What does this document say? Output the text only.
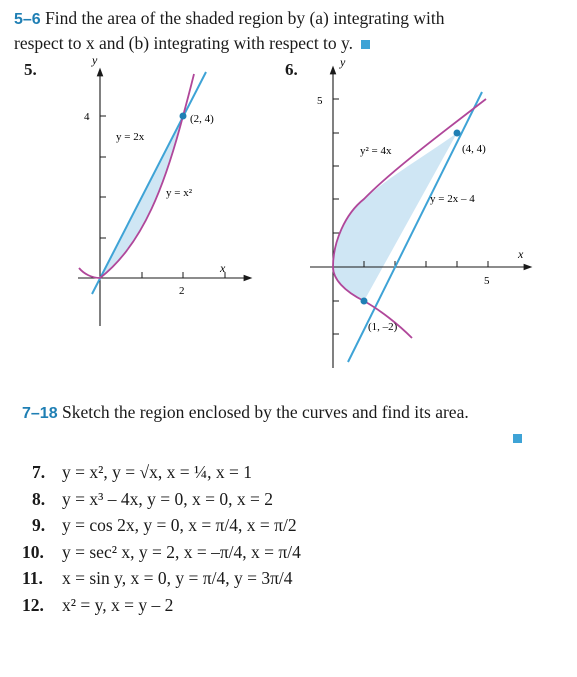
5–6 Find the area of the shaded region by (a) integrating with
respect to x and (b) integrating with respect to y.
5.	6.
y
x
4
2
y = 2x
y = x²
(2, 4)
y
x
5
5
y² = 4x	(4, 4)
y = 2x – 4
(1, –2)
7–18 Sketch the region enclosed by the curves and find its area.
7. y = x², y = √x, x = ¼, x = 1
8. y = x³ – 4x, y = 0, x = 0, x = 2
9. y = cos 2x, y = 0, x = π/4, x = π/2
10. y = sec² x, y = 2, x = –π/4, x = π/4
11. x = sin y, x = 0, y = π/4, y = 3π/4
12. x² = y, x = y – 2
